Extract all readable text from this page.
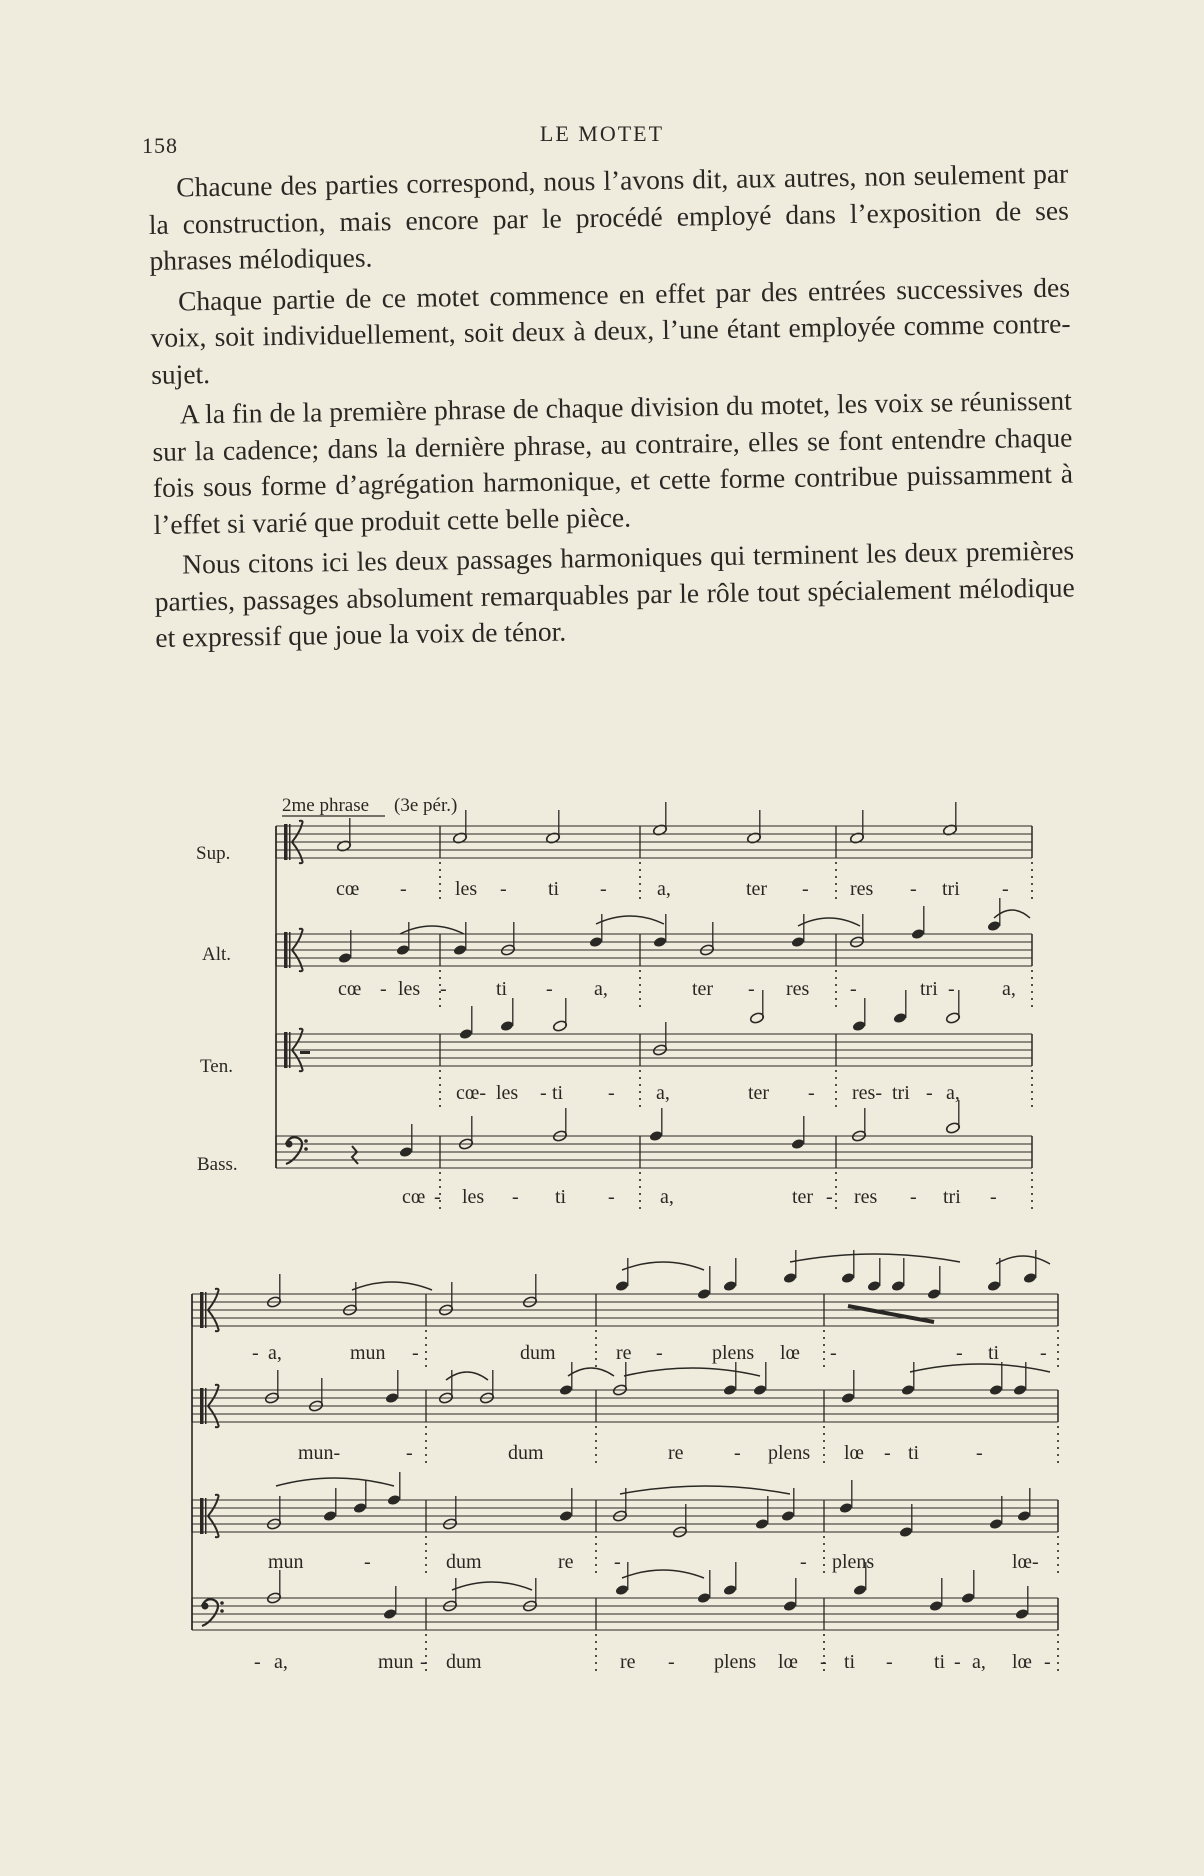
158	LE MOTET

Chacune des parties correspond, nous l’avons dit, aux autres, non seulement par la construction, mais encore par le procédé employé dans l’exposition de ses phrases mélodiques.

Chaque partie de ce motet commence en effet par des entrées successives des voix, soit individuellement, soit deux à deux, l’une étant employée comme contre-sujet.

A la fin de la première phrase de chaque division du motet, les voix se réunissent sur la cadence; dans la dernière phrase, au contraire, elles se font entendre chaque fois sous forme d’agrégation harmonique, et cette forme contribue puissamment à l’effet si varié que produit cette belle pièce.

Nous citons ici les deux passages harmoniques qui terminent les deux premières parties, passages absolument remarquables par le rôle tout spécialement mélodique et expressif que joue la voix de ténor.

2me phrase (3e pér.)
Sup.
Alt.
Ten.
Bass.
cœ - les - ti -	a,	ter - res - tri -
cœ - les - ti - a,	ter - res -	tri - a,
cœ- les - ti - a,	ter - res- tri - a,
cœ - les - ti - a,	ter - res - tri -
- a,	mun -	dum	re - plens lœ -	- ti -
mun-	-	dum	re	- plens lœ - ti	-
mun	-	dum	re -	- plens	lœ-
- a,	mun - dum	re - plens lœ - ti - ti - a, lœ -
